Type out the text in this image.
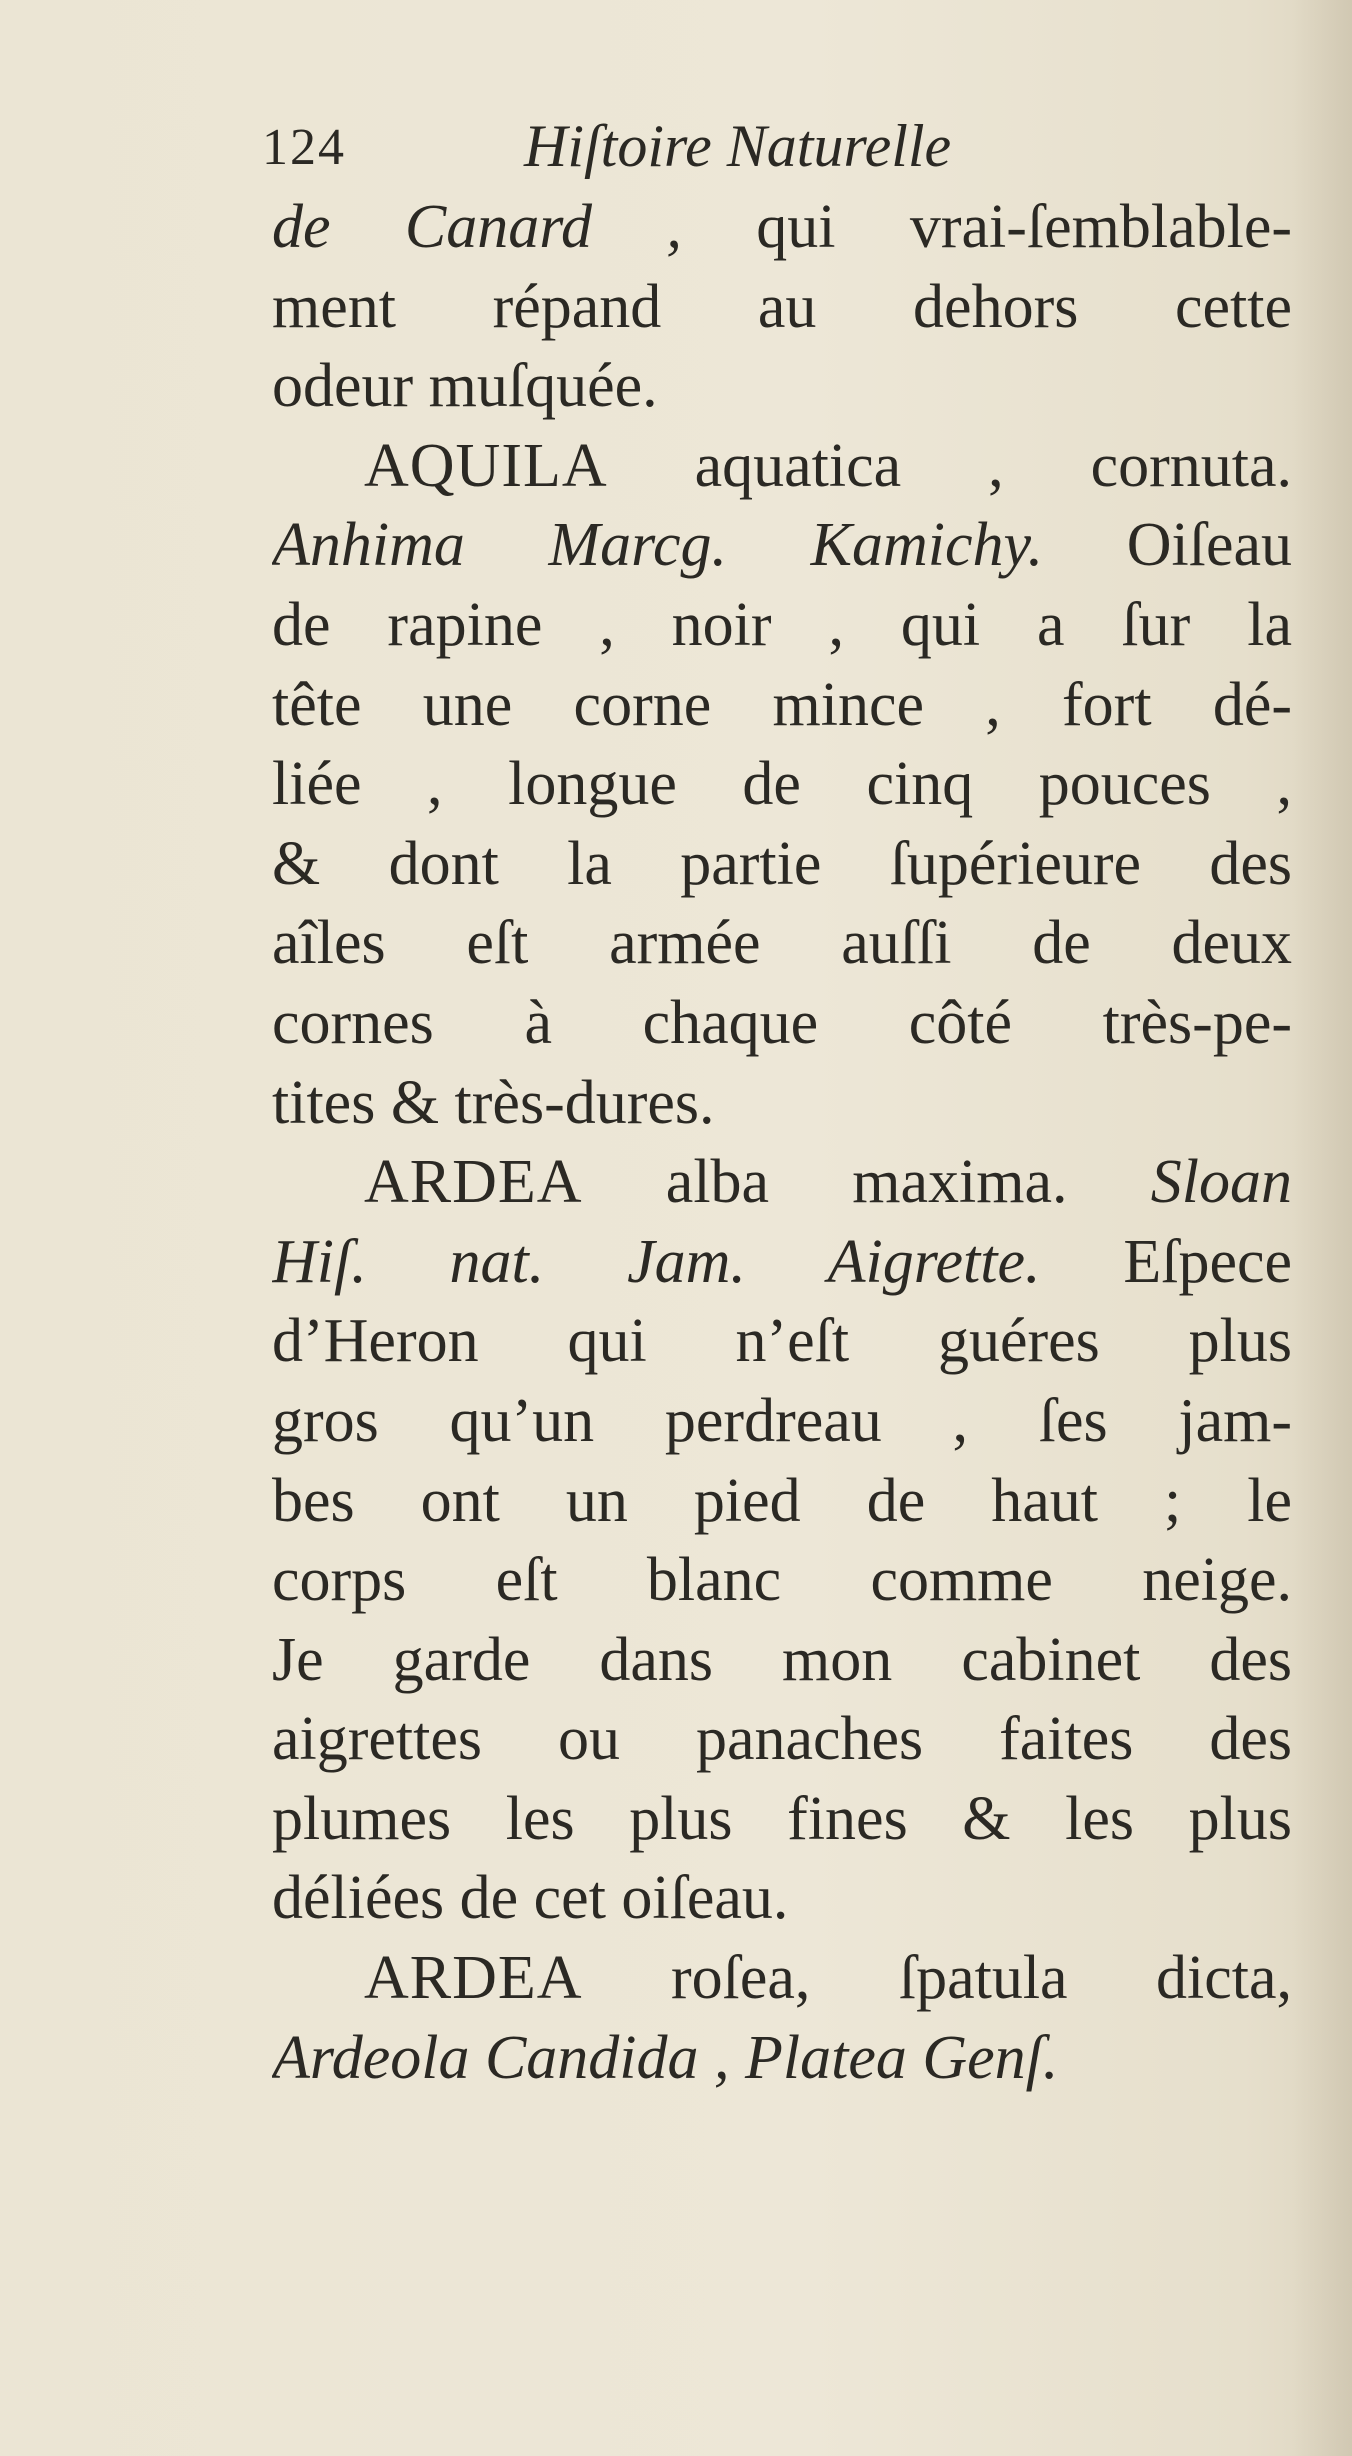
124	Hiſtoire Naturelle
de Canard , qui vrai-ſemblable-
ment répand au dehors cette
odeur muſquée.
AQUILA aquatica , cornuta.
Anhima Marcg. Kamichy. Oiſeau
de rapine , noir , qui a ſur la
tête une corne mince , fort dé-
liée , longue de cinq pouces ,
& dont la partie ſupérieure des
aîles eſt armée auſſi de deux
cornes à chaque côté très-pe-
tites & très-dures.
ARDEA alba maxima. Sloan
Hiſ. nat. Jam. Aigrette. Eſpece
d’Heron qui n’eſt guéres plus
gros qu’un perdreau , ſes jam-
bes ont un pied de haut ; le
corps eſt blanc comme neige.
Je garde dans mon cabinet des
aigrettes ou panaches faites des
plumes les plus fines & les plus
déliées de cet oiſeau.
ARDEA roſea, ſpatula dicta,
Ardeola Candida , Platea Genſ.
